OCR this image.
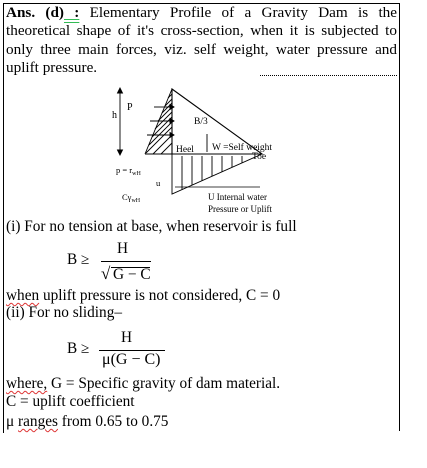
Ans. (d) : Elementary Profile of a Gravity Dam is the theoretical shape of it's cross-section, when it is subjected to only three main forces, viz. self weight, water pressure and uplift pressure.
h
P
B/3
Heel W =Self weight
Toe
$p = r_{wH}$
u
$C\gamma_{wH}$	U Internal water
Pressure or Uplift
(i) For no tension at base, when reservoir is full
B ≥
H
√ G − C
when uplift pressure is not considered, C = 0
(ii) For no sliding–
B ≥
H
μ(G − C)
where, G = Specific gravity of dam material.
C = uplift coefficient
μ ranges from 0.65 to 0.75
